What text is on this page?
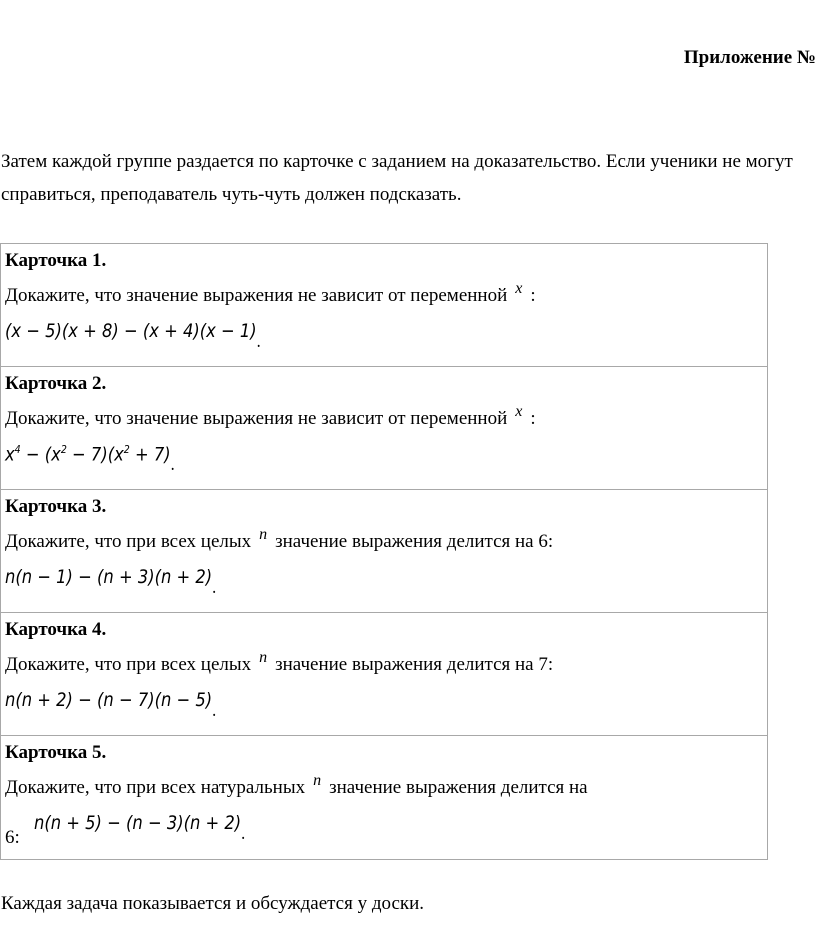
Приложение №

Затем каждой группе раздается по карточке с заданием на доказательство. Если ученики не могут справиться, преподаватель чуть-чуть должен подсказать.

Карточка 1.
Докажите, что значение выражения не зависит от переменной $^x$ :
(x − 5)(x + 8) − (x + 4)(x − 1).
Карточка 2.
Докажите, что значение выражения не зависит от переменной $^x$ :
$x^4 - (x^2 - 7)(x^2 + 7)$.
Карточка 3.
Докажите, что при всех целых $^n$ значение выражения делится на 6:
n(n − 1) − (n + 3)(n + 2).
Карточка 4.
Докажите, что при всех целых $^n$ значение выражения делится на 7:
n(n + 2) − (n − 7)(n − 5).
Карточка 5.
Докажите, что при всех натуральных $^n$ значение выражения делится на
6:n(n + 5) − (n − 3)(n + 2).

Каждая задача показывается и обсуждается у доски.
